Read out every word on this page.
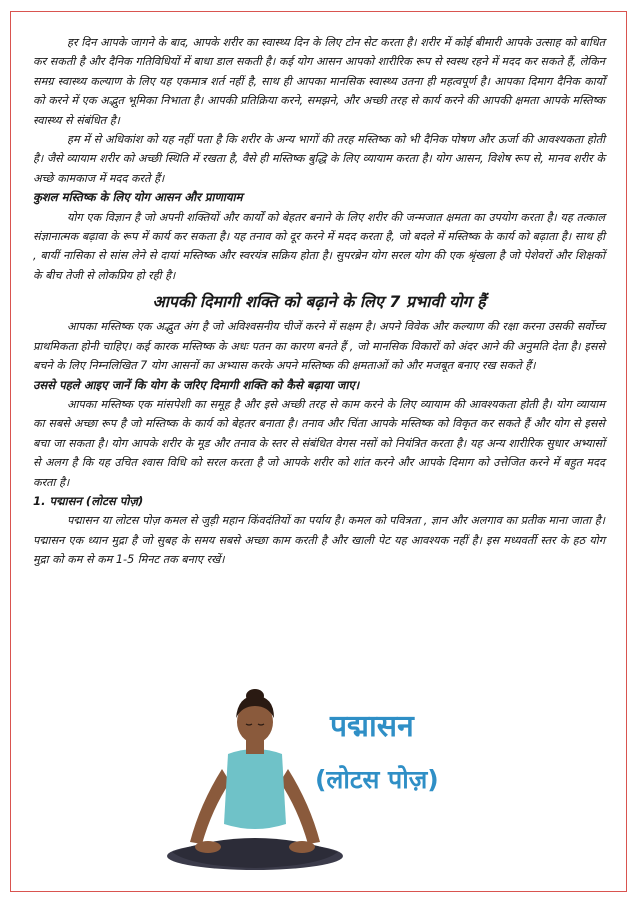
हर दिन आपके जागने के बाद, आपके शरीर का स्वास्थ्य दिन के लिए टोन सेट करता है। शरीर में कोई बीमारी आपके उत्साह को बाधित कर सकती है और दैनिक गतिविधियों में बाधा डाल सकती है। कई योग आसन आपको शारीरिक रूप से स्वस्थ रहने में मदद कर सकते हैं, लेकिन समग्र स्वास्थ्य कल्याण के लिए यह एकमात्र शर्त नहीं है, साथ ही आपका मानसिक स्वास्थ्य उतना ही महत्वपूर्ण है। आपका दिमाग दैनिक कार्यों को करने में एक अद्भुत भूमिका निभाता है। आपकी प्रतिक्रिया करने, समझने, और अच्छी तरह से कार्य करने की आपकी क्षमता आपके मस्तिष्क स्वास्थ्य से संबंधित है।

हम में से अधिकांश को यह नहीं पता है कि शरीर के अन्य भागों की तरह मस्तिष्क को भी दैनिक पोषण और ऊर्जा की आवश्यकता होती है। जैसे व्यायाम शरीर को अच्छी स्थिति में रखता है, वैसे ही मस्तिष्क बुद्धि के लिए व्यायाम करता है। योग आसन, विशेष रूप से, मानव शरीर के अच्छे कामकाज में मदद करते हैं।

कुशल मस्तिष्क के लिए योग आसन और प्राणायाम

योग एक विज्ञान है जो अपनी शक्तियों और कार्यों को बेहतर बनाने के लिए शरीर की जन्मजात क्षमता का उपयोग करता है। यह तत्काल संज्ञानात्मक बढ़ावा के रूप में कार्य कर सकता है। यह तनाव को दूर करने में मदद करता है, जो बदले में मस्तिष्क के कार्य को बढ़ाता है। साथ ही , बायीं नासिका से सांस लेने से दायां मस्तिष्क और स्वरयंत्र सक्रिय होता है। सुपरब्रेन योग सरल योग की एक श्रृंखला है जो पेशेवरों और शिक्षकों के बीच तेजी से लोकप्रिय हो रही है।

आपकी दिमागी शक्ति को बढ़ाने के लिए 7 प्रभावी योग हैं

आपका मस्तिष्क एक अद्भुत अंग है जो अविश्वसनीय चीजें करने में सक्षम है। अपने विवेक और कल्याण की रक्षा करना उसकी सर्वोच्च प्राथमिकता होनी चाहिए। कई कारक मस्तिष्क के अधः पतन का कारण बनते हैं , जो मानसिक विकारों को अंदर आने की अनुमति देता है। इससे बचने के लिए निम्नलिखित 7 योग आसनों का अभ्यास करके अपने मस्तिष्क की क्षमताओं को और मजबूत बनाए रख सकते हैं।

उससे पहले आइए जानें कि योग के जरिए दिमागी शक्ति को कैसे बढ़ाया जाए।

आपका मस्तिष्क एक मांसपेशी का समूह है और इसे अच्छी तरह से काम करने के लिए व्यायाम की आवश्यकता होती है। योग व्यायाम का सबसे अच्छा रूप है जो मस्तिष्क के कार्य को बेहतर बनाता है। तनाव और चिंता आपके मस्तिष्क को विकृत कर सकते हैं और योग से इससे बचा जा सकता है। योग आपके शरीर के मूड और तनाव के स्तर से संबंधित वेगस नसों को नियंत्रित करता है। यह अन्य शारीरिक सुधार अभ्यासों से अलग है कि यह उचित श्वास विधि को सरल करता है जो आपके शरीर को शांत करने और आपके दिमाग को उत्तेजित करने में बहुत मदद करता है।

1. पद्मासन (लोटस पोज़)

पद्मासन या लोटस पोज़ कमल से जुड़ी महान किंवदंतियों का पर्याय है। कमल को पवित्रता , ज्ञान और अलगाव का प्रतीक माना जाता है। पद्मासन एक ध्यान मुद्रा है जो सुबह के समय सबसे अच्छा काम करती है और खाली पेट यह आवश्यक नहीं है। इस मध्यवर्ती स्तर के हठ योग मुद्रा को कम से कम 1-5 मिनट तक बनाए रखें।

पद्मासन
(लोटस पोज़)
